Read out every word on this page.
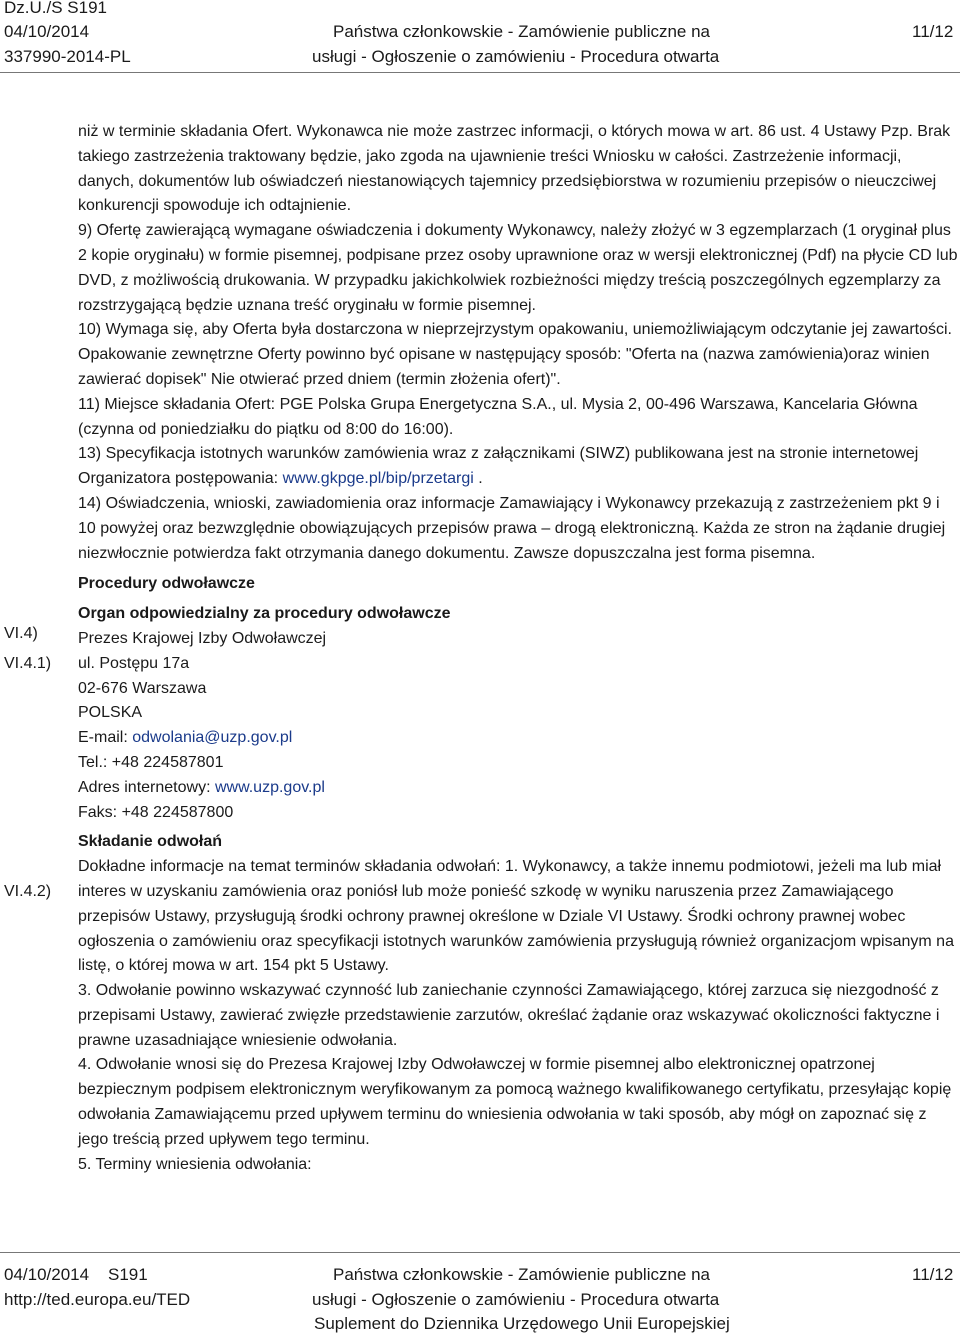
Dz.U./S S191
04/10/2014
337990-2014-PL
Państwa członkowskie - Zamówienie publiczne na
usługi - Ogłoszenie o zamówieniu - Procedura otwarta
11/12

niż w terminie składania Ofert. Wykonawca nie może zastrzec informacji, o których mowa w art. 86 ust. 4 Ustawy Pzp. Brak takiego zastrzeżenia traktowany będzie, jako zgoda na ujawnienie treści Wniosku w całości. Zastrzeżenie informacji, danych, dokumentów lub oświadczeń niestanowiących tajemnicy przedsiębiorstwa w rozumieniu przepisów o nieuczciwej konkurencji spowoduje ich odtajnienie.

9) Ofertę zawierającą wymagane oświadczenia i dokumenty Wykonawcy, należy złożyć w 3 egzemplarzach (1 oryginał plus 2 kopie oryginału) w formie pisemnej, podpisane przez osoby uprawnione oraz w wersji elektronicznej (Pdf) na płycie CD lub DVD, z możliwością drukowania. W przypadku jakichkolwiek rozbieżności między treścią poszczególnych egzemplarzy za rozstrzygającą będzie uznana treść oryginału w formie pisemnej.

10) Wymaga się, aby Oferta była dostarczona w nieprzejrzystym opakowaniu, uniemożliwiającym odczytanie jej zawartości. Opakowanie zewnętrzne Oferty powinno być opisane w następujący sposób: "Oferta na (nazwa zamówienia)oraz winien zawierać dopisek" Nie otwierać przed dniem (termin złożenia ofert)".

11) Miejsce składania Ofert: PGE Polska Grupa Energetyczna S.A., ul. Mysia 2, 00-496 Warszawa, Kancelaria Główna (czynna od poniedziałku do piątku od 8:00 do 16:00).

13) Specyfikacja istotnych warunków zamówienia wraz z załącznikami (SIWZ) publikowana jest na stronie internetowej Organizatora postępowania: www.gkpge.pl/bip/przetargi .

14) Oświadczenia, wnioski, zawiadomienia oraz informacje Zamawiający i Wykonawcy przekazują z zastrzeżeniem pkt 9 i 10 powyżej oraz bezwzględnie obowiązujących przepisów prawa – drogą elektroniczną. Każda ze stron na żądanie drugiej niezwłocznie potwierdza fakt otrzymania danego dokumentu. Zawsze dopuszczalna jest forma pisemna.

Procedury odwoławcze

Organ odpowiedzialny za procedury odwoławcze

Prezes Krajowej Izby Odwoławczej

ul. Postępu 17a

02-676 Warszawa

POLSKA

E-mail: odwolania@uzp.gov.pl

Tel.: +48 224587801

Adres internetowy: www.uzp.gov.pl

Faks: +48 224587800

Składanie odwołań

Dokładne informacje na temat terminów składania odwołań: 1. Wykonawcy, a także innemu podmiotowi, jeżeli ma lub miał interes w uzyskaniu zamówienia oraz poniósł lub może ponieść szkodę w wyniku naruszenia przez Zamawiającego przepisów Ustawy, przysługują środki ochrony prawnej określone w Dziale VI Ustawy. Środki ochrony prawnej wobec ogłoszenia o zamówieniu oraz specyfikacji istotnych warunków zamówienia przysługują również organizacjom wpisanym na listę, o której mowa w art. 154 pkt 5 Ustawy.

3. Odwołanie powinno wskazywać czynność lub zaniechanie czynności Zamawiającego, której zarzuca się niezgodność z przepisami Ustawy, zawierać zwięzłe przedstawienie zarzutów, określać żądanie oraz wskazywać okoliczności faktyczne i prawne uzasadniające wniesienie odwołania.

4. Odwołanie wnosi się do Prezesa Krajowej Izby Odwoławczej w formie pisemnej albo elektronicznej opatrzonej bezpiecznym podpisem elektronicznym weryfikowanym za pomocą ważnego kwalifikowanego certyfikatu, przesyłając kopię odwołania Zamawiającemu przed upływem terminu do wniesienia odwołania w taki sposób, aby mógł on zapoznać się z jego treścią przed upływem tego terminu.

5. Terminy wniesienia odwołania:

VI.4)
VI.4.1)
VI.4.2)
04/10/2014    S191
http://ted.europa.eu/TED
Państwa członkowskie - Zamówienie publiczne na
usługi - Ogłoszenie o zamówieniu - Procedura otwarta
Suplement do Dziennika Urzędowego Unii Europejskiej
11/12
